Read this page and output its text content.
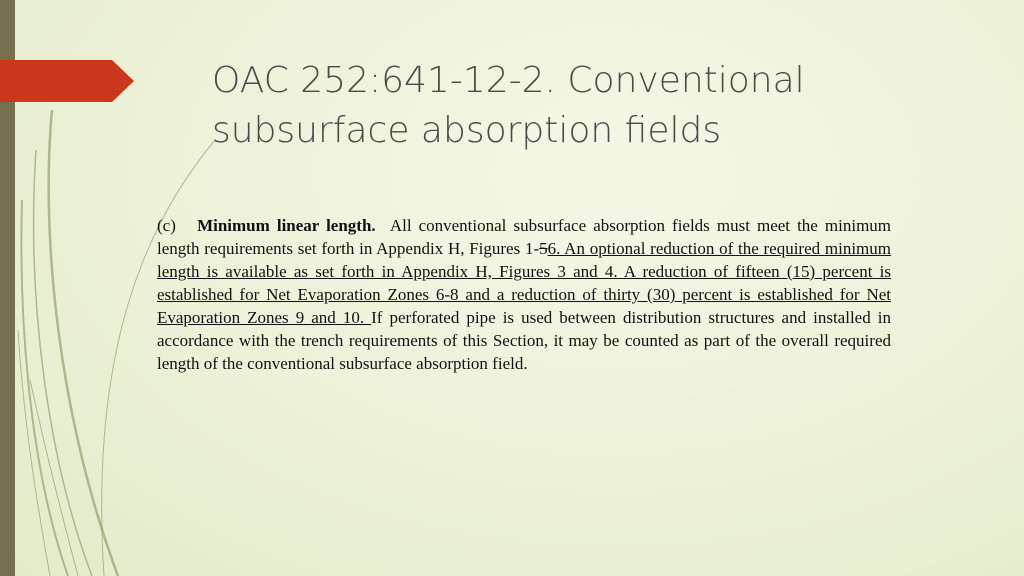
OAC 252:641-12-2. Conventional
subsurface absorption fields

(c) Minimum linear length. All conventional subsurface absorption fields must meet the minimum length requirements set forth in Appendix H, Figures 1-56. An optional reduction of the required minimum length is available as set forth in Appendix H, Figures 3 and 4. A reduction of fifteen (15) percent is established for Net Evaporation Zones 6-8 and a reduction of thirty (30) percent is established for Net Evaporation Zones 9 and 10. If perforated pipe is used between distribution structures and installed in accordance with the trench requirements of this Section, it may be counted as part of the overall required length of the conventional subsurface absorption field.
